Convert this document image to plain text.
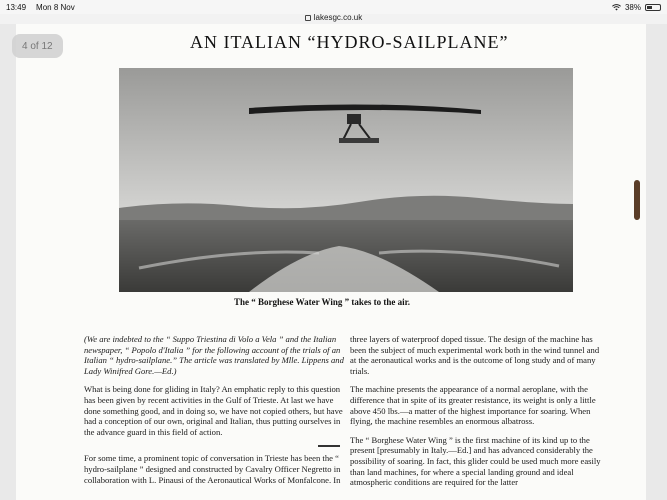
13:49 Mon 8 Nov	38%
lakesgc.co.uk
4 of 12	AN ITALIAN “HYDRO-SAILPLANE”
The “ Borghese Water Wing ” takes to the air.

(We are indebted to the “ Suppo Triestina di Volo a Vela ” and the Italian newspaper, “ Popolo d'Italia ” for the following account of the trials of an Italian “ hydro-sailplane.” The article was translated by Mlle. Lippens and Lady Winifred Gore.—Ed.)

What is being done for gliding in Italy? An emphatic reply to this question has been given by recent activities in the Gulf of Trieste. At last we have done something good, and in doing so, we have not copied others, but have had a conception of our own, original and Italian, thus putting ourselves in the advance guard in this field of action.

For some time, a prominent topic of conversation in Trieste has been the “ hydro-sailplane ” designed and constructed by Cavalry Officer Negretto in collaboration with L. Pinausi of the Aeronautical Works of Monfalcone. In

three layers of waterproof doped tissue. The design of the machine has been the subject of much experimental work both in the wind tunnel and at the aeronautical works and is the outcome of long study and of many trials.

The machine presents the appearance of a normal aeroplane, with the difference that in spite of its greater resistance, its weight is only a little above 450 lbs.—a matter of the highest importance for soaring. When flying, the machine resembles an enormous albatross.

The “ Borghese Water Wing ” is the first machine of its kind up to the present [presumably in Italy.—Ed.] and has advanced considerably the possibility of soaring. In fact, this glider could be used much more easily than land machines, for where a special landing ground and ideal atmospheric conditions are required for the latter
